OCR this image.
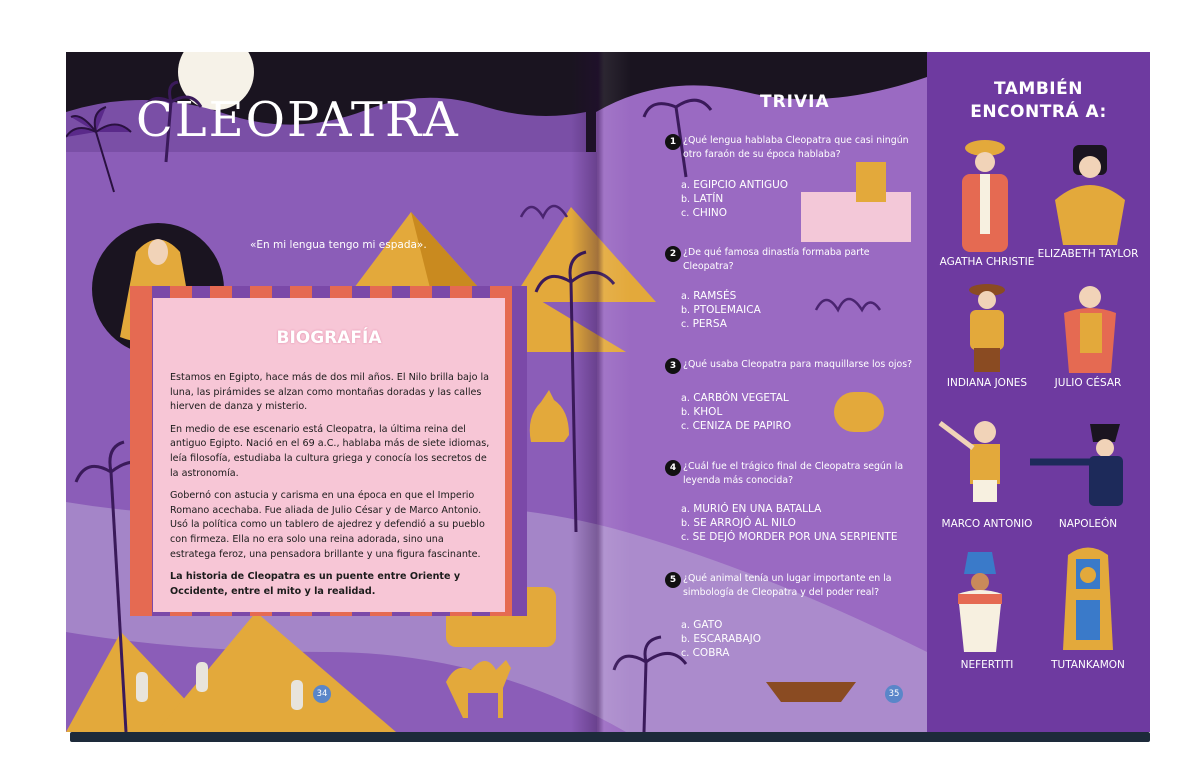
CLEOPATRA
«En mi lengua tengo mi espada».
BIOGRAFÍA

Estamos en Egipto, hace más de dos mil años. El Nilo brilla bajo la luna, las pirámides se alzan como montañas doradas y las calles hierven de danza y misterio.

En medio de ese escenario está Cleopatra, la última reina del antiguo Egipto. Nació en el 69 a.C., hablaba más de siete idiomas, leía filosofía, estudiaba la cultura griega y conocía los secretos de la astronomía.

Gobernó con astucia y carisma en una época en que el Imperio Romano acechaba. Fue aliada de Julio César y de Marco Antonio. Usó la política como un tablero de ajedrez y defendió a su pueblo con firmeza. Ella no era solo una reina adorada, sino una estratega feroz, una pensadora brillante y una figura fascinante.

La historia de Cleopatra es un puente entre Oriente y Occidente, entre el mito y la realidad.

34
TRIVIA
1 ¿Qué lengua hablaba Cleopatra que casi ningún otro faraón de su época hablaba?
a. EGIPCIO ANTIGUO
b. LATÍN
c. CHINO
2 ¿De qué famosa dinastía formaba parte Cleopatra?
a. RAMSÉS
b. PTOLEMAICA
c. PERSA
3 ¿Qué usaba Cleopatra para maquillarse los ojos?
a. CARBÓN VEGETAL
b. KHOL
c. CENIZA DE PAPIRO
4 ¿Cuál fue el trágico final de Cleopatra según la leyenda más conocida?
a. MURIÓ EN UNA BATALLA
b. SE ARROJÓ AL NILO
c. SE DEJÓ MORDER POR UNA SERPIENTE
5 ¿Qué animal tenía un lugar importante en la simbología de Cleopatra y del poder real?
a. GATO
b. ESCARABAJO
c. COBRA
35
TAMBIÉN
ENCONTRÁ A:
AGATHA CHRISTIE
ELIZABETH TAYLOR
INDIANA JONES	JULIO CÉSAR
MARCO ANTONIO	NAPOLEÓN
NEFERTITI	TUTANKAMON
